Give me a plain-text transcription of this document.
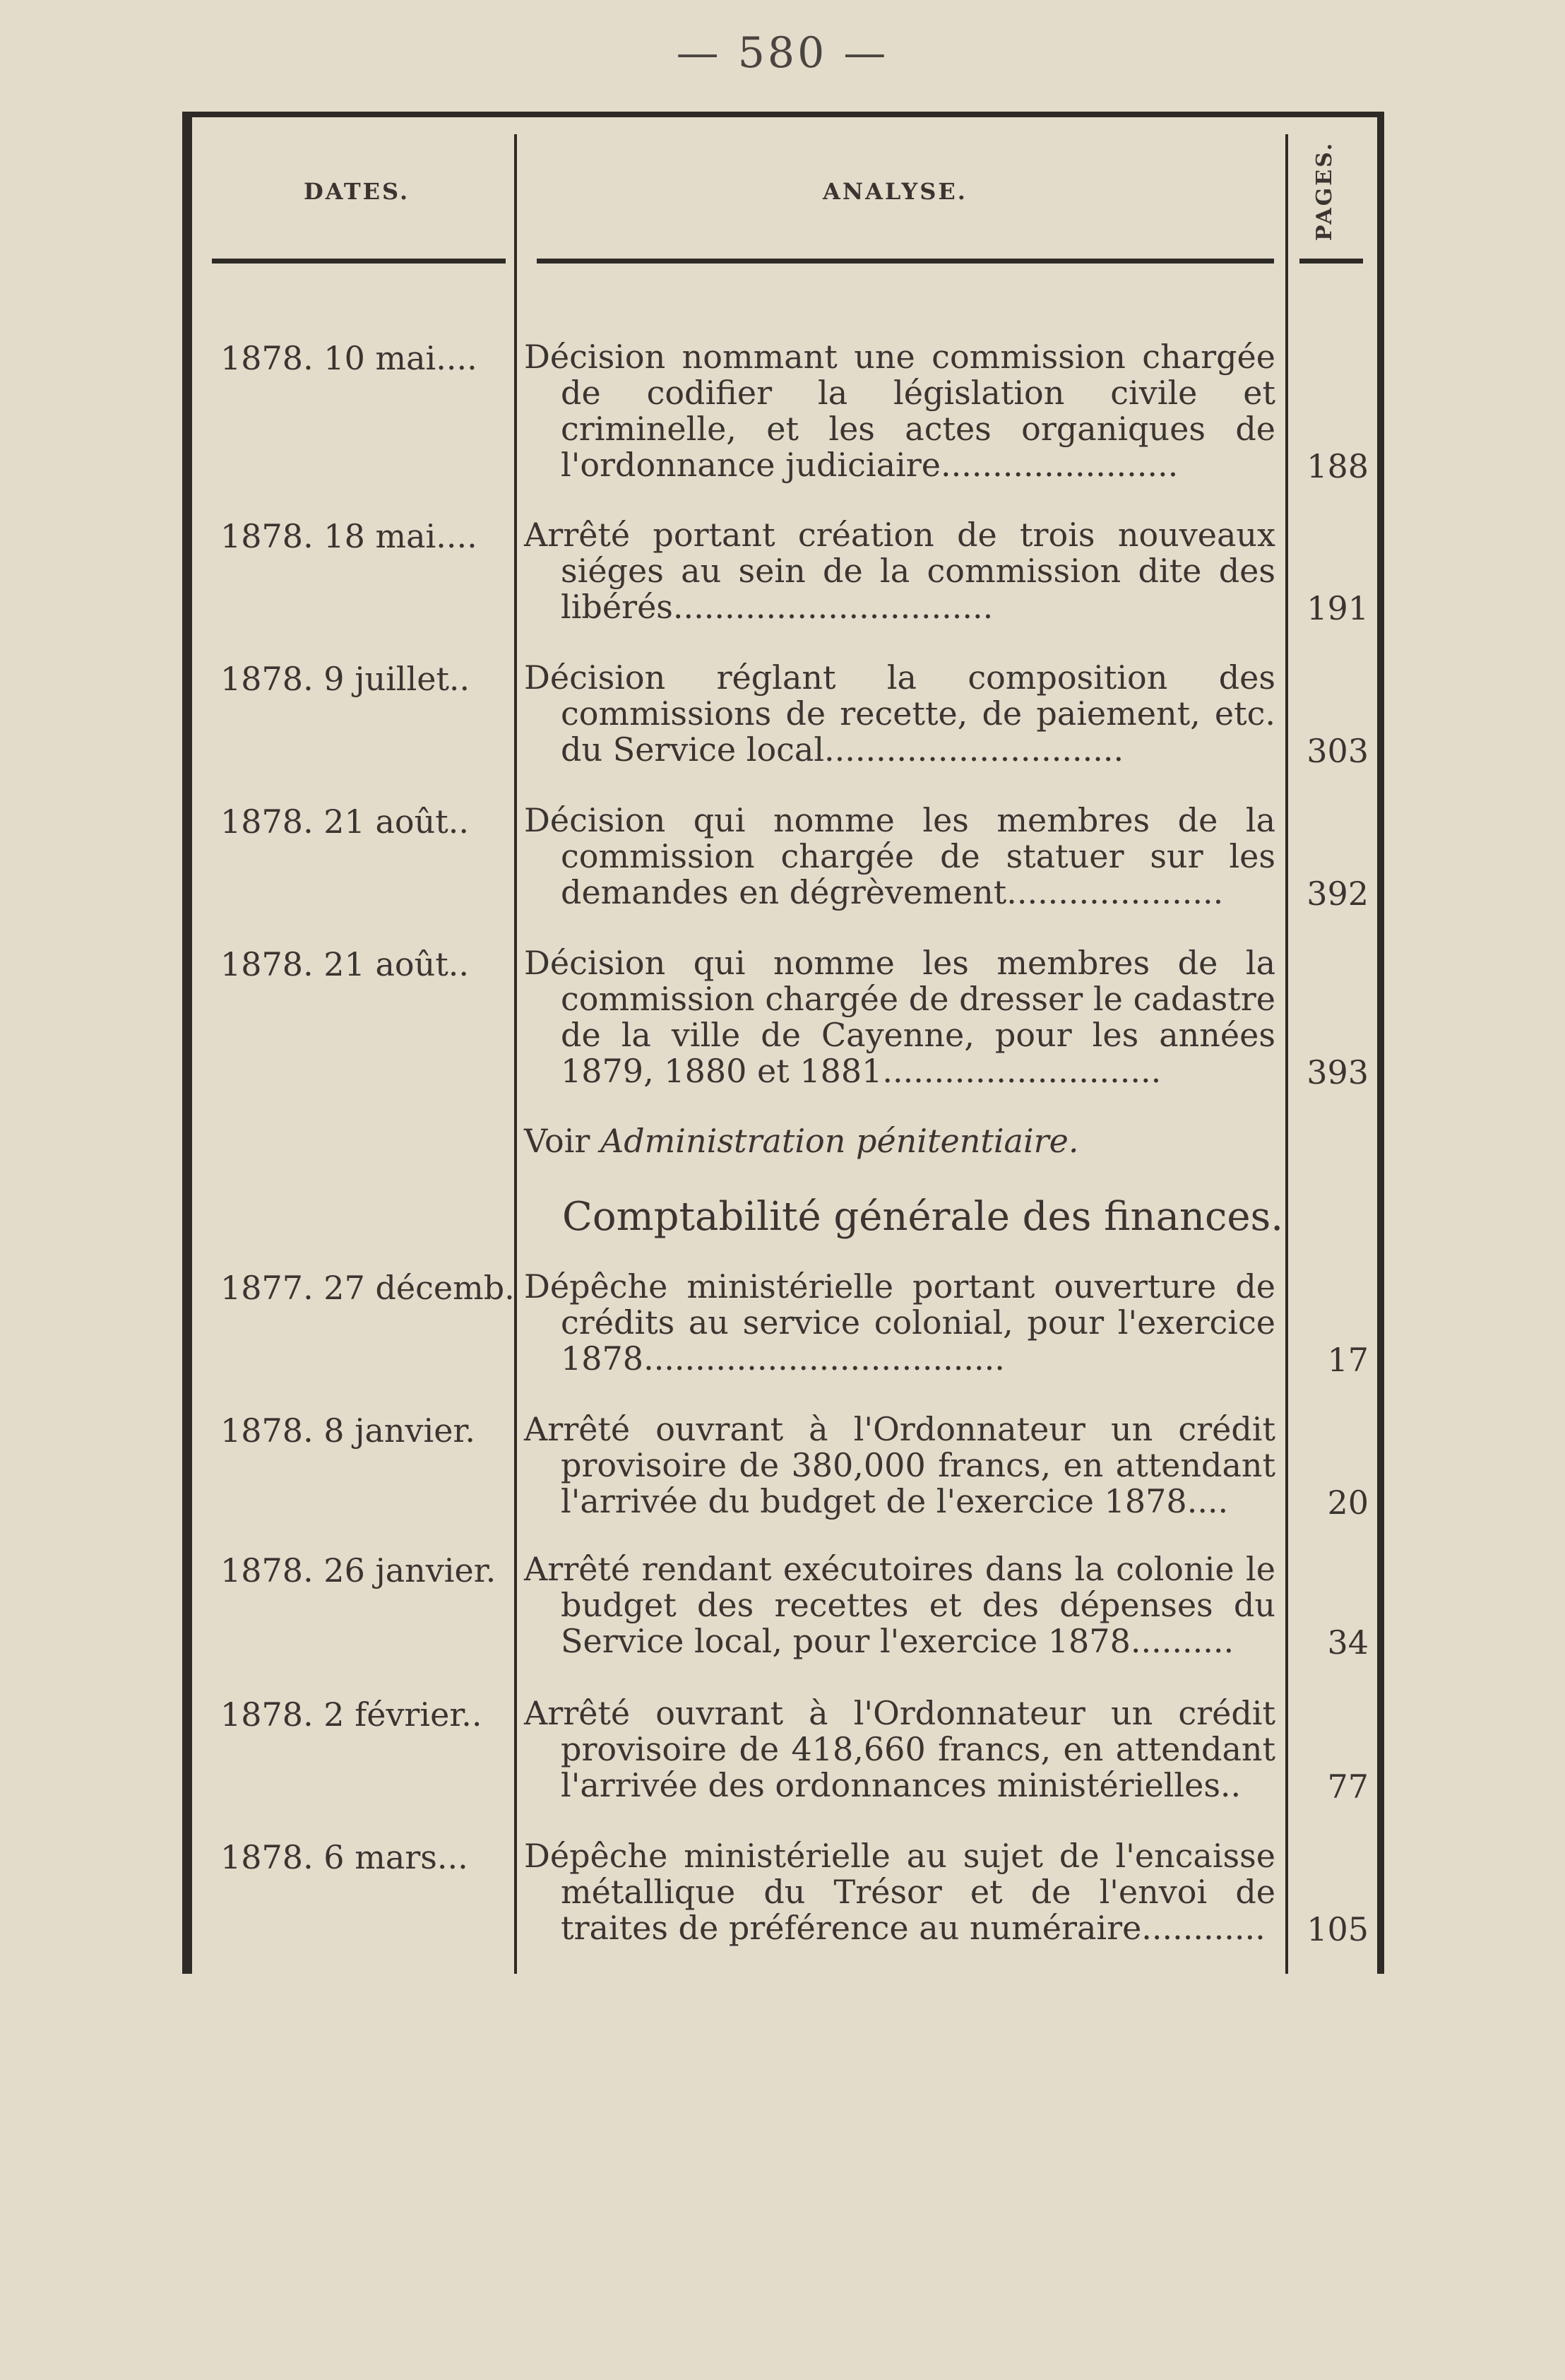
— 580 —
DATES.	ANALYSE.	PAGES.
1878. 10 mai.... Décision nommant une commission chargée de codifier la législation civile et criminelle, et les actes organiques de l'ordonnance judiciaire.......................	188
1878. 18 mai.... Arrêté portant création de trois nouveaux siéges au sein de la commission dite des libérés...............................	191
1878. 9 juillet.. Décision réglant la composition des commissions de recette, de paiement, etc. du Service local.............................	303
1878. 21 août.. Décision qui nomme les membres de la commission chargée de statuer sur les demandes en dégrèvement.....................	392
1878. 21 août.. Décision qui nomme les membres de la commission chargée de dresser le cadastre de la ville de Cayenne, pour les années 1879, 1880 et 1881...........................	393
Voir Administration pénitentiaire.
Comptabilité générale des finances.
1877. 27 décemb. Dépêche ministérielle portant ouverture de crédits au service colonial, pour l'exercice 1878...................................	17
1878. 8 janvier. Arrêté ouvrant à l'Ordonnateur un crédit provisoire de 380,000 francs, en attendant l'arrivée du budget de l'exercice 1878....	20
1878. 26 janvier. Arrêté rendant exécutoires dans la colonie le budget des recettes et des dépenses du Service local, pour l'exercice 1878..........	34
1878. 2 février.. Arrêté ouvrant à l'Ordonnateur un crédit provisoire de 418,660 francs, en attendant l'arrivée des ordonnances ministérielles..	77
1878. 6 mars... Dépêche ministérielle au sujet de l'encaisse métallique du Trésor et de l'envoi de traites de préférence au numéraire............	105
